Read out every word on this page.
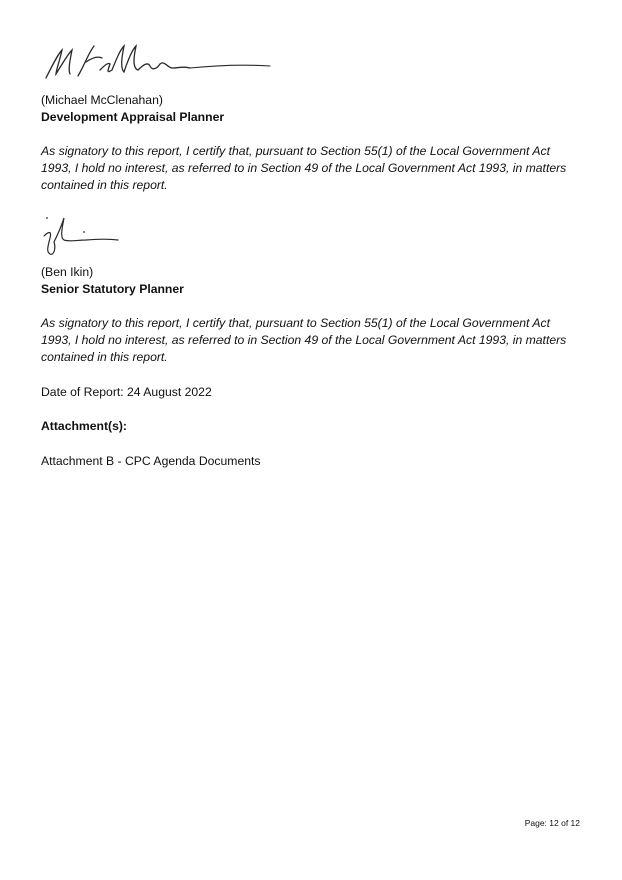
(Michael McClenahan)

Development Appraisal Planner

As signatory to this report, I certify that, pursuant to Section 55(1) of the Local Government Act
1993, I hold no interest, as referred to in Section 49 of the Local Government Act 1993, in matters
contained in this report.

(Ben Ikin)

Senior Statutory Planner

As signatory to this report, I certify that, pursuant to Section 55(1) of the Local Government Act
1993, I hold no interest, as referred to in Section 49 of the Local Government Act 1993, in matters
contained in this report.

Date of Report: 24 August 2022

Attachment(s):

Attachment B - CPC Agenda Documents

Page: 12 of 12
